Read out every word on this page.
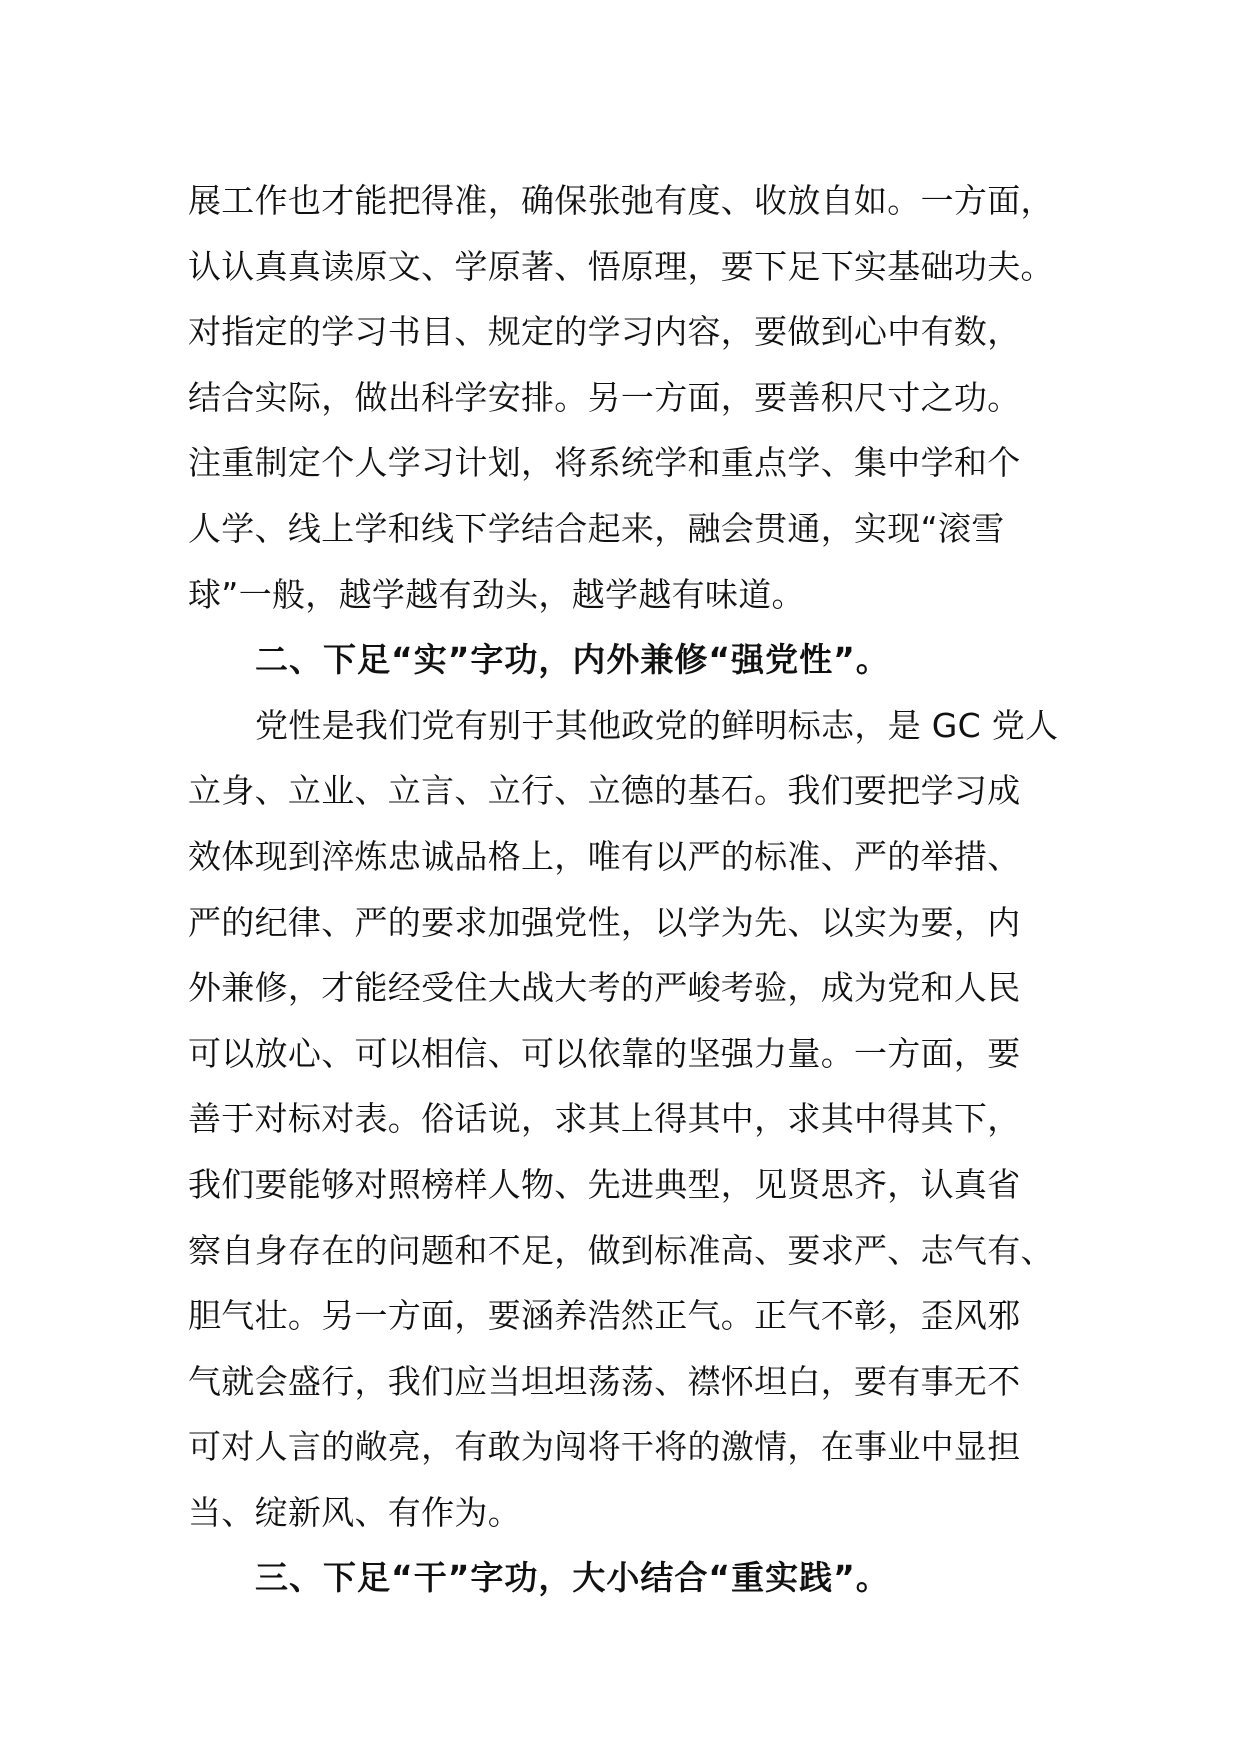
展工作也才能把得准，确保张弛有度、收放自如。一方面，
认认真真读原文、学原著、悟原理，要下足下实基础功夫。
对指定的学习书目、规定的学习内容，要做到心中有数，
结合实际，做出科学安排。另一方面，要善积尺寸之功。
注重制定个人学习计划，将系统学和重点学、集中学和个
人学、线上学和线下学结合起来，融会贯通，实现“滚雪
球”一般，越学越有劲头，越学越有味道。
二、下足“实”字功，内外兼修“强党性”。
党性是我们党有别于其他政党的鲜明标志，是 GC 党人
立身、立业、立言、立行、立德的基石。我们要把学习成
效体现到淬炼忠诚品格上，唯有以严的标准、严的举措、
严的纪律、严的要求加强党性，以学为先、以实为要，内
外兼修，才能经受住大战大考的严峻考验，成为党和人民
可以放心、可以相信、可以依靠的坚强力量。一方面，要
善于对标对表。俗话说，求其上得其中，求其中得其下，
我们要能够对照榜样人物、先进典型，见贤思齐，认真省
察自身存在的问题和不足，做到标准高、要求严、志气有、
胆气壮。另一方面，要涵养浩然正气。正气不彰，歪风邪
气就会盛行，我们应当坦坦荡荡、襟怀坦白，要有事无不
可对人言的敞亮，有敢为闯将干将的激情，在事业中显担
当、绽新风、有作为。
三、下足“干”字功，大小结合“重实践”。
